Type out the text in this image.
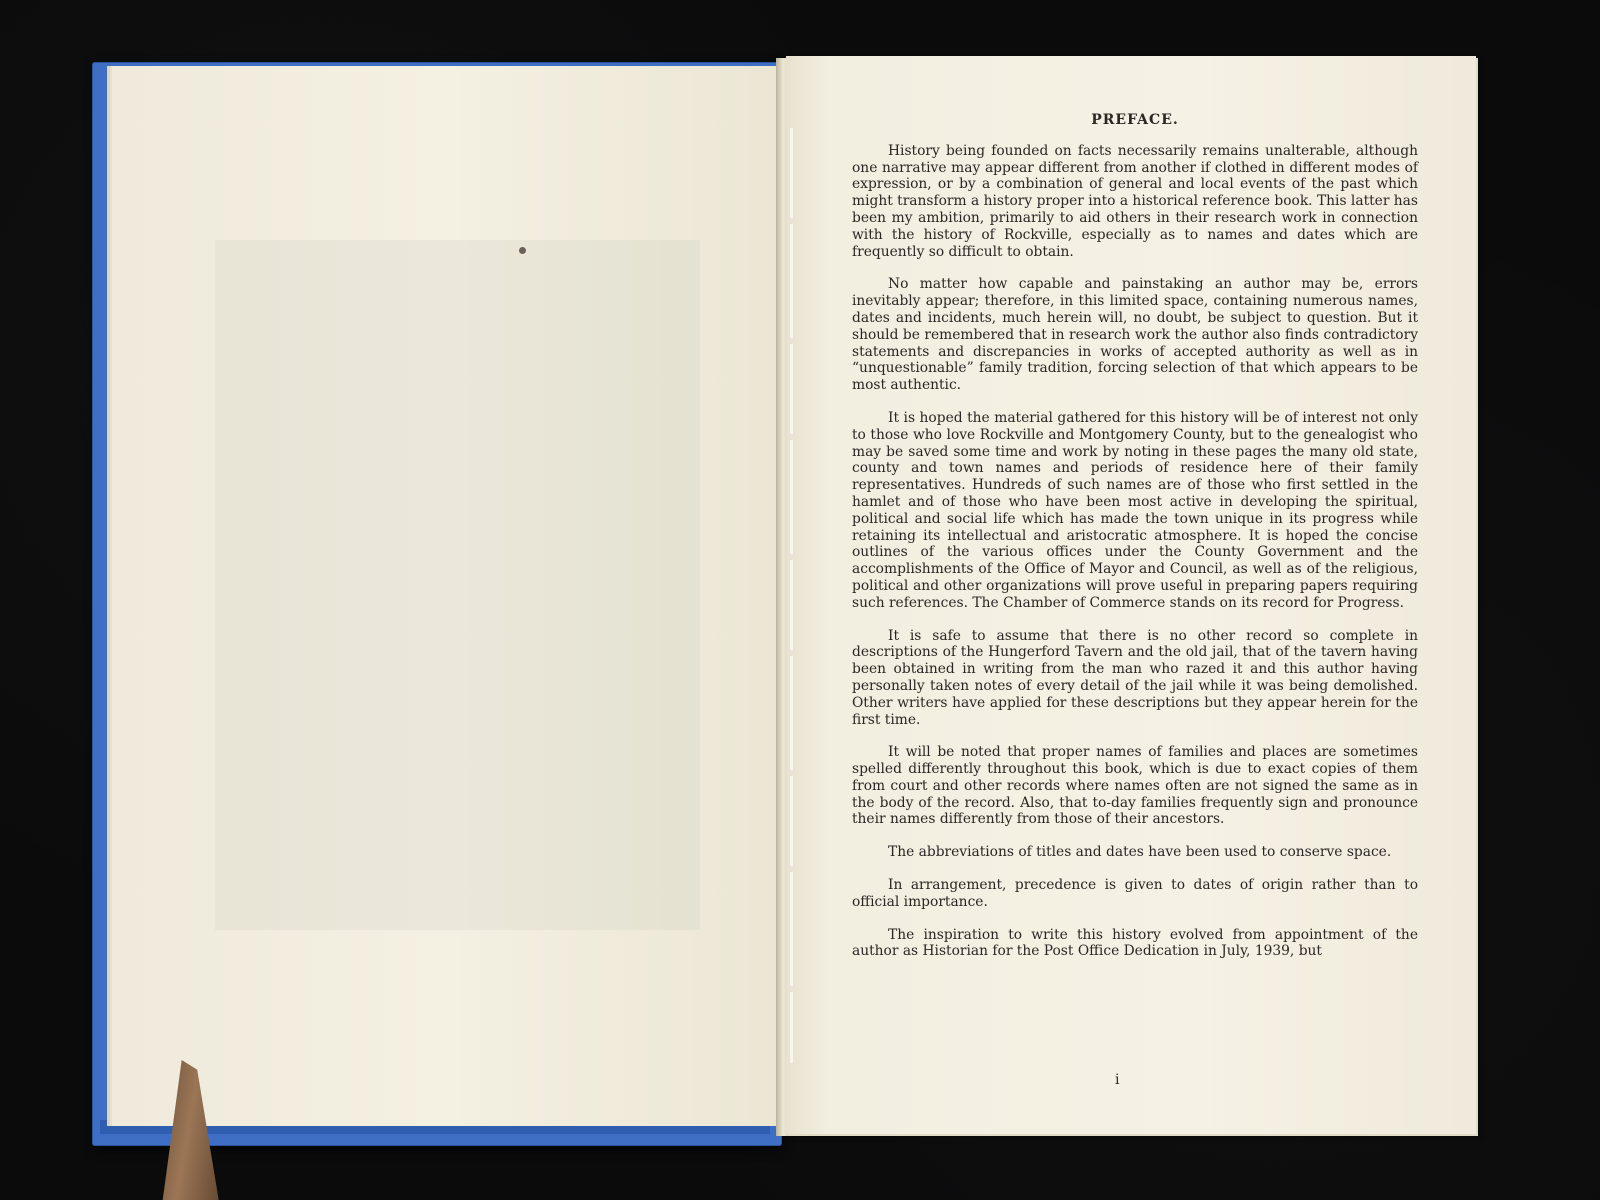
PREFACE.

History being founded on facts necessarily remains unalterable, although one narrative may appear different from another if clothed in different modes of expression, or by a combination of general and local events of the past which might transform a history proper into a historical reference book. This latter has been my ambition, primarily to aid others in their research work in connection with the history of Rockville, especially as to names and dates which are frequently so difficult to obtain.

No matter how capable and painstaking an author may be, errors inevitably appear; therefore, in this limited space, containing numerous names, dates and incidents, much herein will, no doubt, be subject to question. But it should be remembered that in research work the author also finds contradictory statements and discrepancies in works of accepted authority as well as in “unquestionable” family tradition, forcing selection of that which appears to be most authentic.

It is hoped the material gathered for this history will be of interest not only to those who love Rockville and Montgomery County, but to the genealogist who may be saved some time and work by noting in these pages the many old state, county and town names and periods of residence here of their family representatives. Hundreds of such names are of those who first settled in the hamlet and of those who have been most active in developing the spiritual, political and social life which has made the town unique in its progress while retaining its intellectual and aristocratic atmosphere. It is hoped the concise outlines of the various offices under the County Government and the accomplishments of the Office of Mayor and Council, as well as of the religious, political and other organizations will prove useful in preparing papers requiring such references. The Chamber of Commerce stands on its record for Progress.

It is safe to assume that there is no other record so complete in descriptions of the Hungerford Tavern and the old jail, that of the tavern having been obtained in writing from the man who razed it and this author having personally taken notes of every detail of the jail while it was being demolished. Other writers have applied for these descriptions but they appear herein for the first time.

It will be noted that proper names of families and places are sometimes spelled differently throughout this book, which is due to exact copies of them from court and other records where names often are not signed the same as in the body of the record. Also, that to-day families frequently sign and pronounce their names differently from those of their ancestors.

The abbreviations of titles and dates have been used to conserve space.

In arrangement, precedence is given to dates of origin rather than to official importance.

The inspiration to write this history evolved from appointment of the author as Historian for the Post Office Dedication in July, 1939, but

i
